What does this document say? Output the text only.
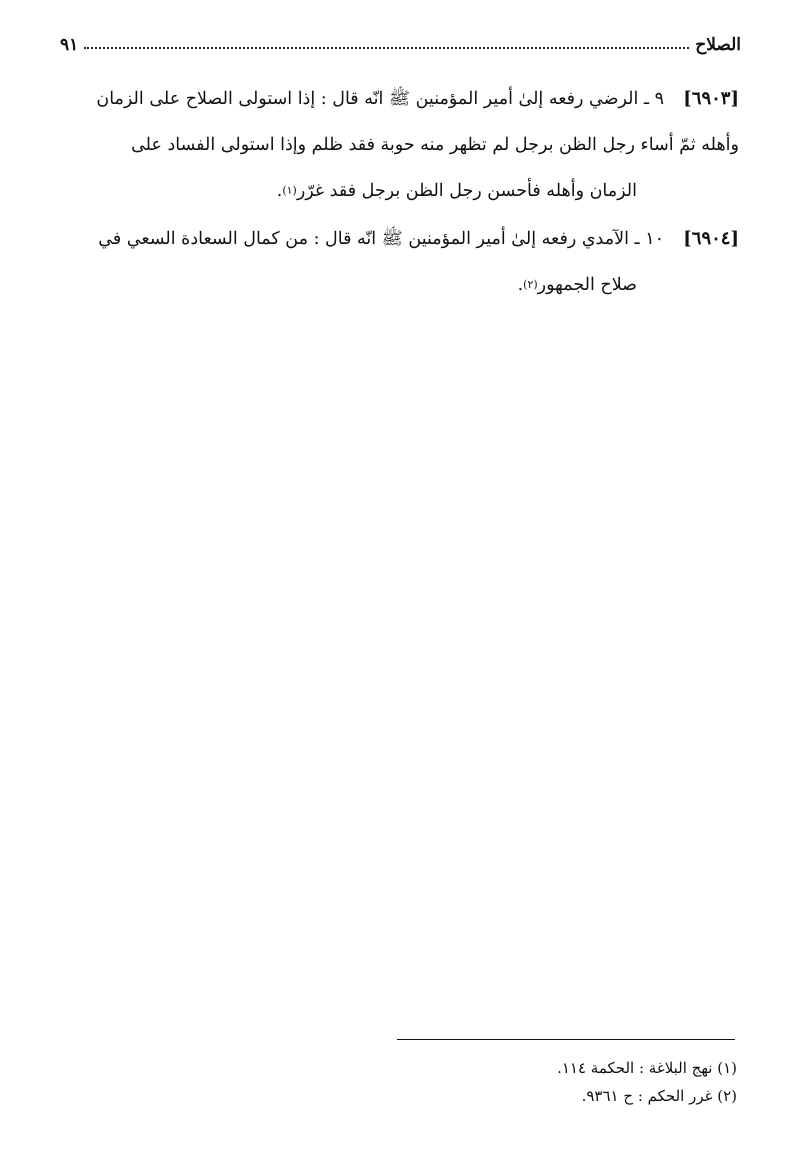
الصلاح
٩١
[٦٩٠٣]
٩ ـ الرضي رفعه إلىٰ أمير المؤمنين ﷺ انّه قال : إذا استولى الصلاح على الزمان
وأهله ثمّ أساء رجل الظن برجل لم تظهر منه حوبة فقد ظلم وإذا استولى الفساد على
الزمان وأهله فأحسن رجل الظن برجل فقد غرّر
(١)
.
[٦٩٠٤]
١٠ ـ الآمدي رفعه إلىٰ أمير المؤمنين ﷺ انّه قال : من كمال السعادة السعي في
صلاح الجمهور
(٢)
.
(١) نهج البلاغة : الحكمة ١١٤.
(٢) غرر الحكم : ح ٩٣٦١.
